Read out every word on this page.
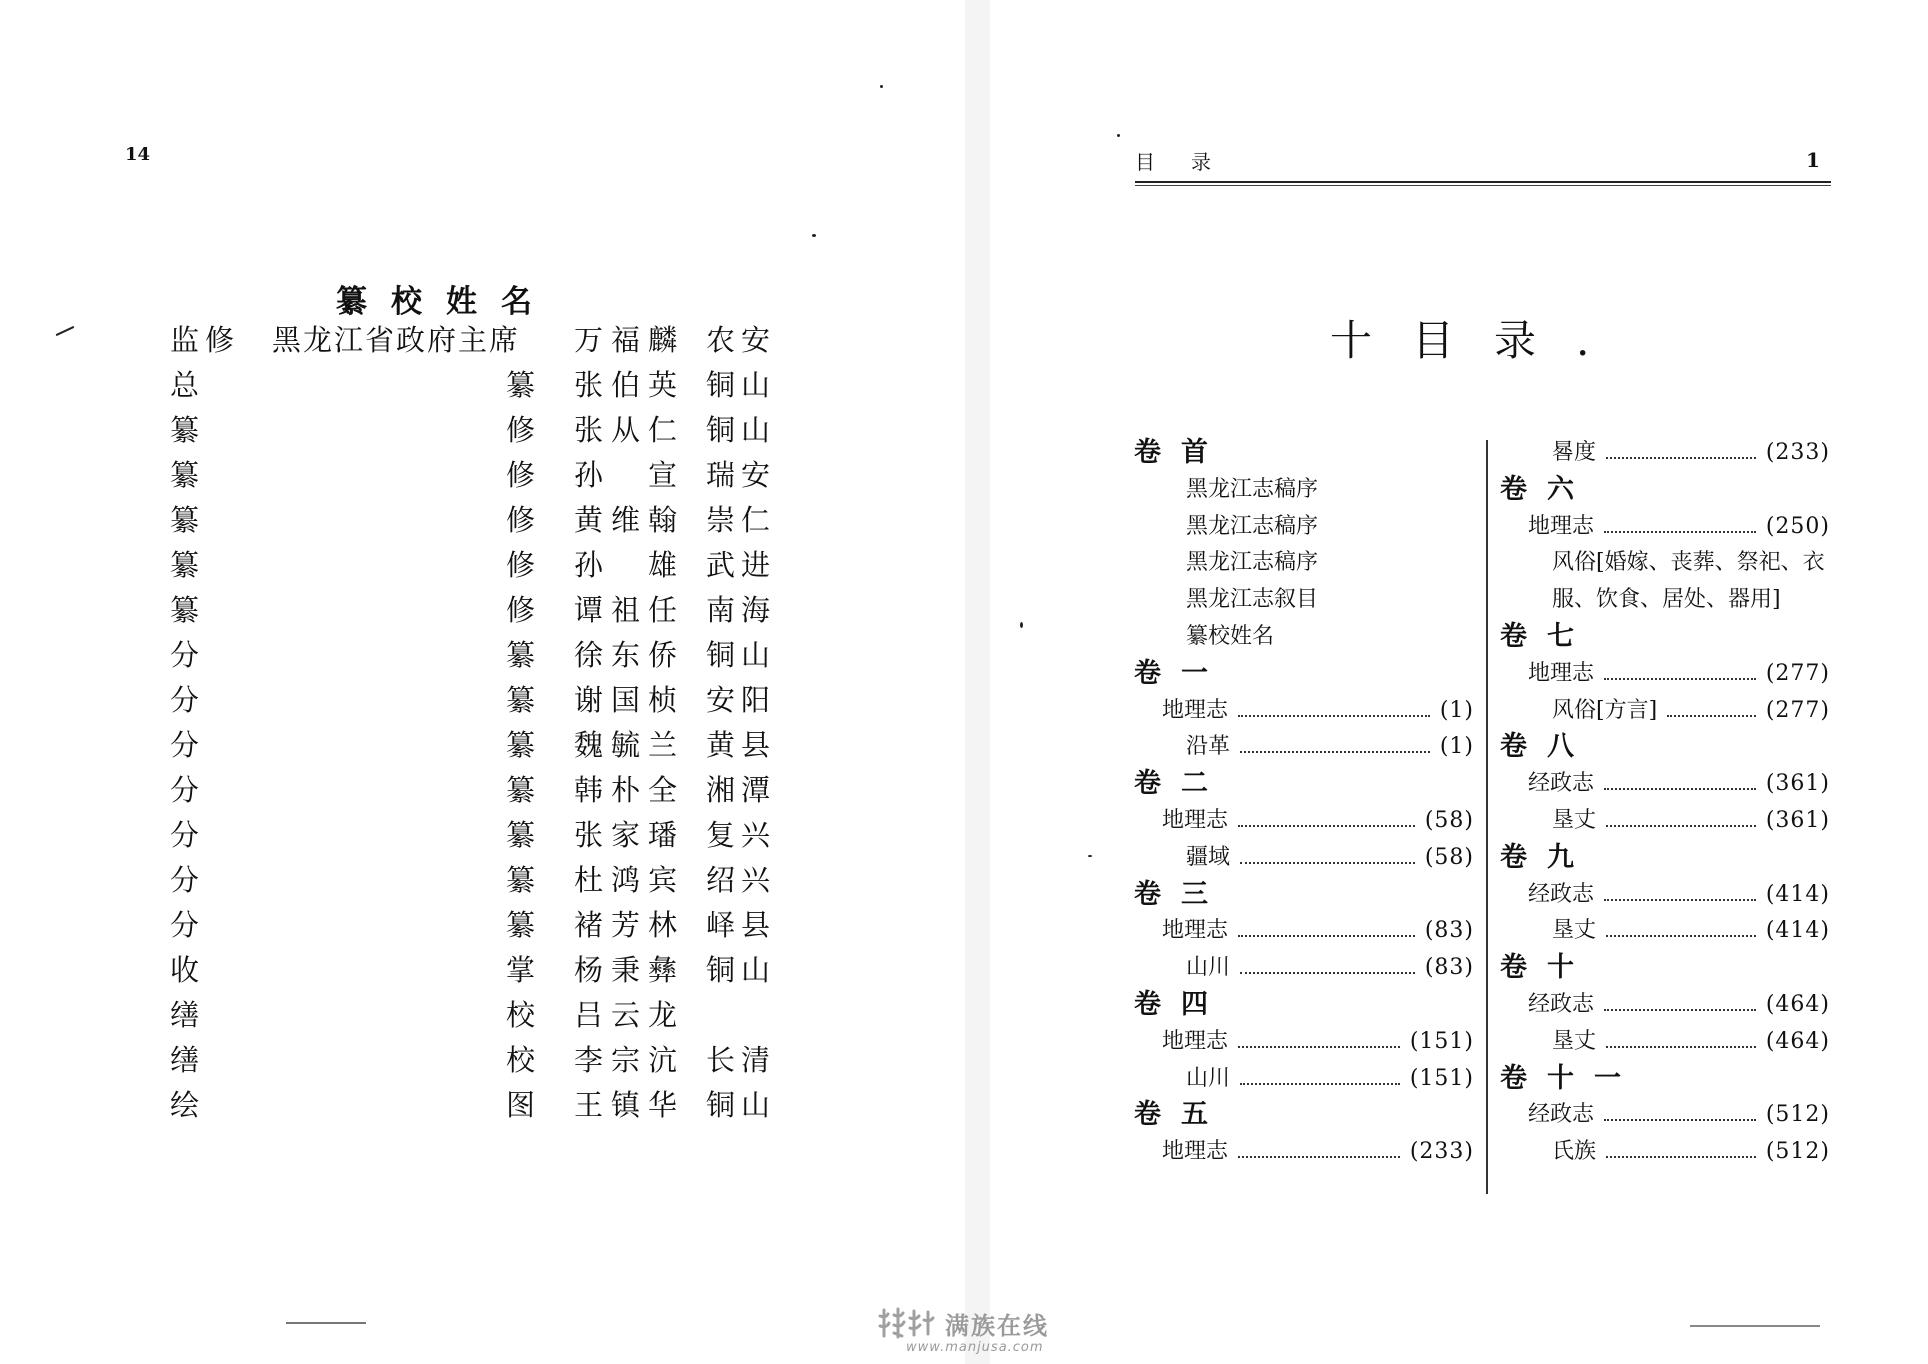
14
纂校姓名
监修 黑龙江省政府主席 万福麟 农安
总	纂 张伯英 铜山
纂	修 张从仁 铜山
纂	修 孙　宣 瑞安
纂	修 黄维翰 崇仁
纂	修 孙　雄 武进
纂	修 谭祖任 南海
分	纂 徐东侨 铜山
分	纂 谢国桢 安阳
分	纂 魏毓兰 黄县
分	纂 韩朴全 湘潭
分	纂 张家璠 复兴
分	纂 杜鸿宾 绍兴
分	纂 褚芳林 峄县
收	掌 杨秉彝 铜山
缮	校 吕云龙
缮	校 李宗沆 长清
绘	图 王镇华 铜山
目录	1
十目录.
卷首
黑龙江志稿序
黑龙江志稿序
黑龙江志稿序
黑龙江志叙目
纂校姓名
卷一
地理志	(1)
沿革	(1)
卷二
地理志	(58)
疆域	(58)
卷三
地理志	(83)
山川	(83)
卷四
地理志	(151)
山川	(151)
卷五
地理志	(233)
晷度	(233)
卷六
地理志	(250)
风俗[婚嫁、丧葬、祭祀、衣
服、饮食、居处、器用]
卷七
地理志	(277)
风俗[方言]	(277)
卷八
经政志	(361)
垦丈	(361)
卷九
经政志	(414)
垦丈	(414)
卷十
经政志	(464)
垦丈	(464)
卷十一
经政志	(512)
氏族	(512)
满族在线
www.manjusa.com
